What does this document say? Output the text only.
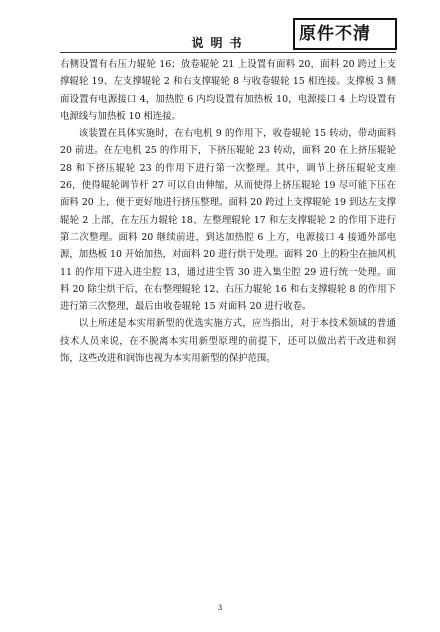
说明书	原件不清

右侧设置有右压力辊轮 16；放卷辊轮 21 上设置有面料 20，面料 20 跨过上支撑辊轮 19、左支撑辊轮 2 和右支撑辊轮 8 与收卷辊轮 15 相连接。支撑板 3 侧面设置有电源接口 4，加热腔 6 内均设置有加热板 10，电源接口 4 上均设置有电源线与加热板 10 相连接。

该装置在具体实施时，在右电机 9 的作用下，收卷辊轮 15 转动，带动面料 20 前进。在左电机 25 的作用下，下挤压辊轮 23 转动，面料 20 在上挤压辊轮 28 和下挤压辊轮 23 的作用下进行第一次整理。其中，调节上挤压辊轮支座 26，使得辊轮调节杆 27 可以自由伸缩，从而使得上挤压辊轮 19 尽可能下压在面料 20 上，便于更好地进行挤压整理。面料 20 跨过上支撑辊轮 19 到达左支撑辊轮 2 上部，在左压力辊轮 18、左整理辊轮 17 和左支撑辊轮 2 的作用下进行第二次整理。面料 20 继续前进，到达加热腔 6 上方，电源接口 4 接通外部电源，加热板 10 开始加热，对面料 20 进行烘干处理。面料 20 上的粉尘在抽风机 11 的作用下进入进尘腔 13，通过进尘管 30 进入集尘腔 29 进行统一处理。面料 20 除尘烘干后，在右整理辊轮 12、右压力辊轮 16 和右支撑辊轮 8 的作用下进行第三次整理，最后由收卷辊轮 15 对面料 20 进行收卷。

以上所述是本实用新型的优选实施方式，应当指出，对于本技术领域的普通技术人员来说，在不脱离本实用新型原理的前提下，还可以做出若干改进和润饰，这些改进和润饰也视为本实用新型的保护范围。

3
